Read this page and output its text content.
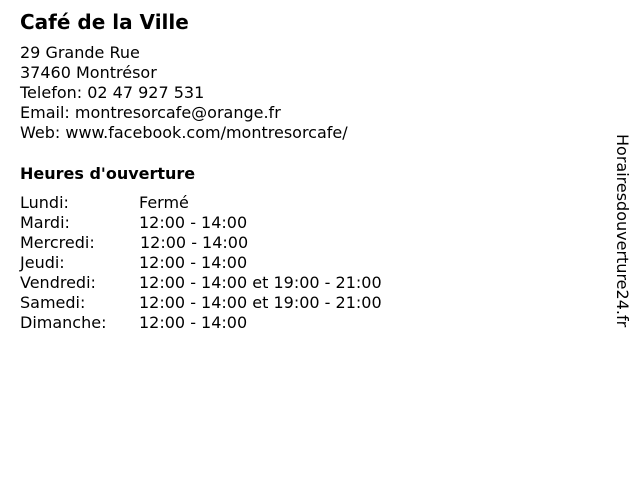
Café de la Ville
29 Grande Rue
37460 Montrésor
Telefon: 02 47 927 531
Email: montresorcafe@orange.fr
Web: www.facebook.com/montresorcafe/
Heures d'ouverture
Lundi:	Fermé
Mardi:	12:00 - 14:00
Mercredi:	12:00 - 14:00
Jeudi:	12:00 - 14:00
Vendredi:	12:00 - 14:00 et 19:00 - 21:00
Samedi:	12:00 - 14:00 et 19:00 - 21:00
Dimanche: 12:00 - 14:00	Horairesdouverture24.fr
